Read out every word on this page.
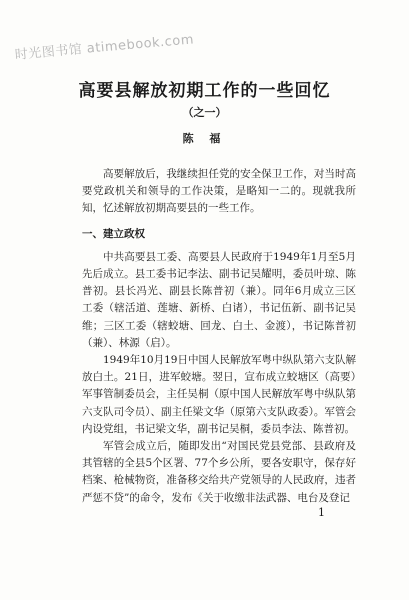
时光图书馆 atimebook.com
高要县解放初期工作的一些回忆
（之一）
陈 福

高要解放后，我继续担任党的安全保卫工作，对当时高要党政机关和领导的工作决策，是略知一二的。现就我所知，忆述解放初期高要县的一些工作。

一、建立政权

中共高要县工委、高要县人民政府于1949年1月至5月先后成立。县工委书记李法、副书记吴耀明，委员叶琼、陈普初。县长冯光、副县长陈普初（兼）。同年6月成立三区工委（辖活道、莲塘、新桥、白诸），书记伍新、副书记吴维；三区工委（辖蛟塘、回龙、白土、金渡），书记陈普初（兼）、林源（启）。

1949年10月19日中国人民解放军粤中纵队第六支队解放白土。21日，进军蛟塘。翌日，宣布成立蛟塘区（高要）军事管制委员会，主任吴桐（原中国人民解放军粤中纵队第六支队司令员）、副主任梁文华（原第六支队政委）。军管会内设党组，书记梁文华，副书记吴桐，委员李法、陈普初。

军管会成立后，随即发出“对国民党县党部、县政府及其管辖的全县5个区署、77个乡公所，要各安职守，保存好档案、枪械物资，准备移交给共产党领导的人民政府，违者严惩不贷”的命令，发布《关于收缴非法武器、电台及登记

1
